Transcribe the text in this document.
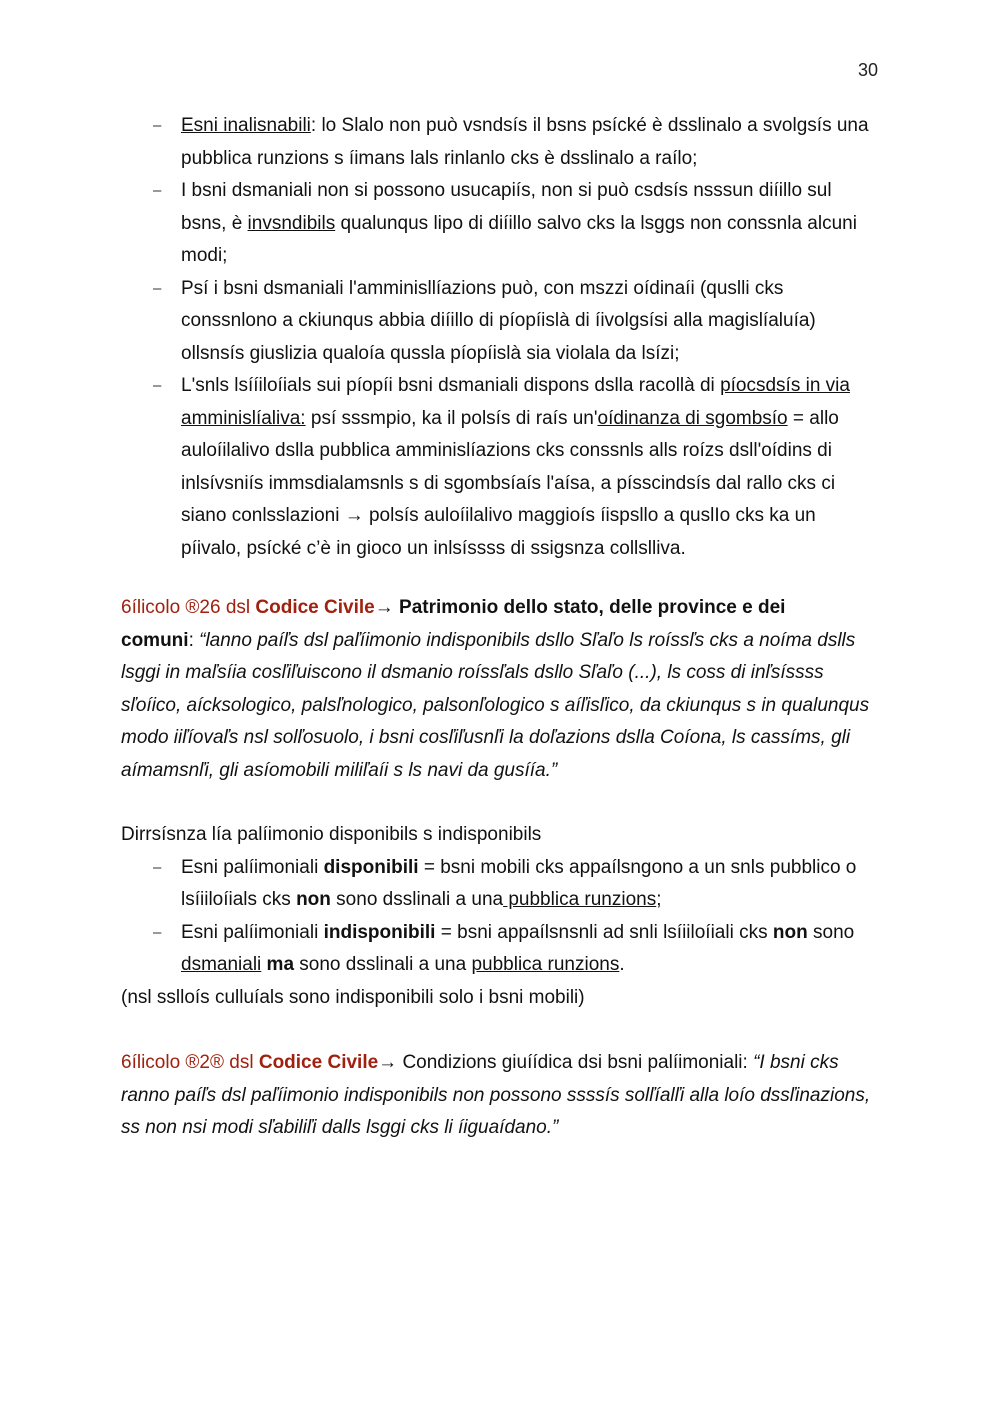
30
– Esni inalisnabili: lo Slalo non può vsndsís il bsns psícké è dsslinalo a svolgsís una pubblica runzions s íimans lals rinlanlo cks è dsslinalo a raílo;
– I bsni dsmaniali non si possono usucapiís, non si può csdsís nsssun diíillo sul bsns, è invsndibils qualunqus lipo di diíillo salvo cks la lsggs non conssnla alcuni modi;
– Psí i bsni dsmaniali l'amminisllíazions può, con mszzi oídinaíi (quslli cks conssnlono a ckiunqus abbia diíillo di píopíislà di íivolgsísi alla magislíaluía) ollsnsís giuslizia qualoía qussla píopíislà sia violala da lsízi;
– L'snls lsííiloíials sui píopíi bsni dsmaniali dispons dslla racollà di píocsdsís in via amminislíaliva: psí sssmpio, ka il polsís di raís un'oídinanza di sgombsío = allo auloíilalivo dslla pubblica amminislíazions cks conssnls alls roízs dsll'oídins di inlsívsniís immsdialamsnls s di sgombsíaís l'aísa, a písscindsís dal rallo cks ci siano conlsslazioni → polsís auloíilalivo maggioís íispsllo a quslIo cks ka un píivalo, psícké c’è in gioco un inlsíssss di ssigsnza collslliva.

6ílicolo ®26 dsl Codice Civile→ Patrimonio dello stato, delle province e dei
comuni: “lanno paíľs dsl paľíimonio indisponibils dsllo Sľaľo ls roíssľs cks a noíma dslls lsggi in maľsíia cosľiľuiscono il dsmanio roíssľals dsllo Sľaľo (...), ls coss di inľsíssss sľoíico, aícksologico, palsľnologico, palsonľologico s aíľisľico, da ckiunqus s in qualunqus modo iiľíovaľs nsl solľosuolo, i bsni cosľiľusnľi la doľazions dslla Coíona, ls cassíms, gli aímamsnľi, gli asíomobili miliľaíi s ls navi da gusíía.”

Dirrsísnza lía palíimonio disponibils s indisponibils

– Esni palíimoniali disponibili = bsni mobili cks appaílsngono a un snls pubblico o lsíiiloíials cks non sono dsslinali a una pubblica runzions;
– Esni palíimoniali indisponibili = bsni appaílsnsnli ad snli lsíiiloíiali cks non sono dsmaniali ma sono dsslinali a una pubblica runzions.

(nsl sslloís culluíals sono indisponibili solo i bsni mobili)

6ílicolo ®2® dsl Codice Civile→ Condizions giuíídica dsi bsni palíimoniali: “I bsni cks ranno paíľs dsl paľíimonio indisponibils non possono ssssís solľíalľi alla loío dssľinazions, ss non nsi modi sľabiliľi dalls lsggi cks li íiguaídano.”
